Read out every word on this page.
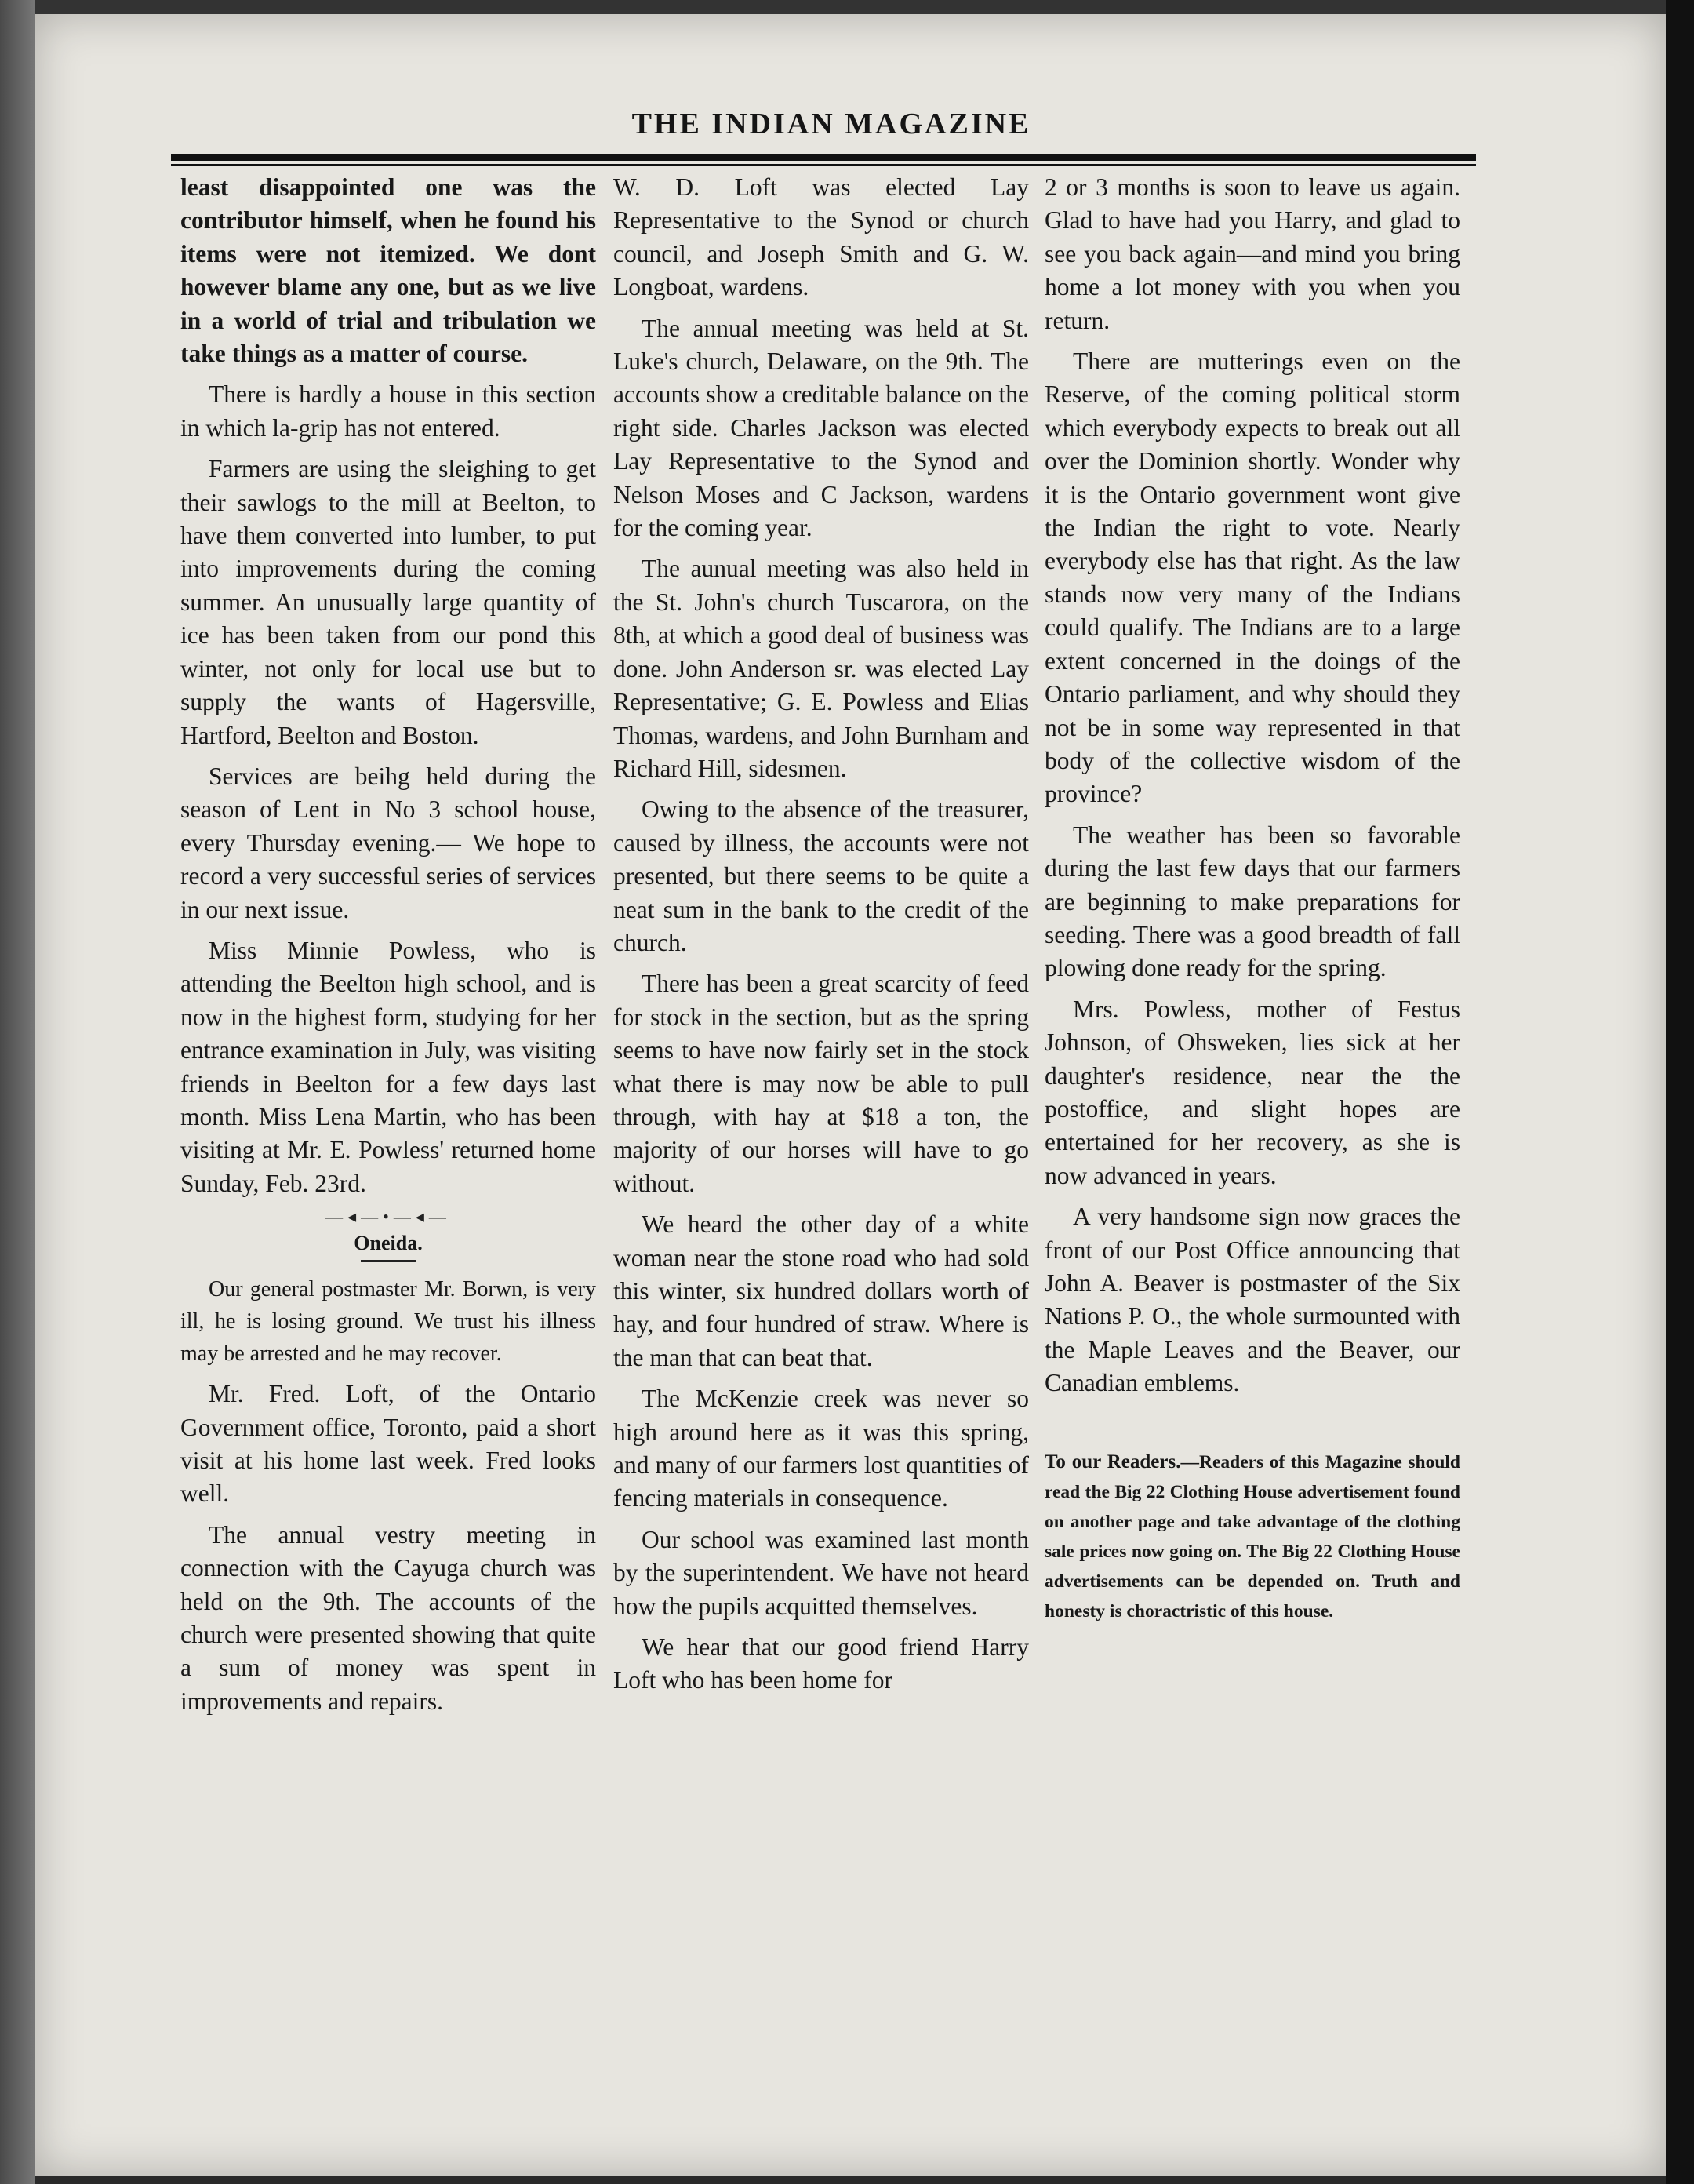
THE INDIAN MAGAZINE

least disappointed one was the contributor himself, when he found his items were not itemized. We dont however blame any one, but as we live in a world of trial and tribulation we take things as a matter of course.

There is hardly a house in this section in which la-grip has not entered.

Farmers are using the sleighing to get their sawlogs to the mill at Beelton, to have them converted into lumber, to put into improvements during the coming summer. An unusually large quantity of ice has been taken from our pond this winter, not only for local use but to supply the wants of Hagersville, Hartford, Beelton and Boston.

Services are beihg held during the season of Lent in No 3 school house, every Thursday evening.— We hope to record a very successful series of services in our next issue.

Miss Minnie Powless, who is attending the Beelton high school, and is now in the highest form, studying for her entrance examination in July, was visiting friends in Beelton for a few days last month. Miss Lena Martin, who has been visiting at Mr. E. Powless' returned home Sunday, Feb. 23rd.

—◂—•—◂—
Oneida.

Our general postmaster Mr. Borwn, is very ill, he is losing ground. We trust his illness may be arrested and he may recover.

Mr. Fred. Loft, of the Ontario Government office, Toronto, paid a short visit at his home last week. Fred looks well.

The annual vestry meeting in connection with the Cayuga church was held on the 9th. The accounts of the church were presented showing that quite a sum of money was spent in improvements and repairs.

W. D. Loft was elected Lay Representative to the Synod or church council, and Joseph Smith and G. W. Longboat, wardens.

The annual meeting was held at St. Luke's church, Delaware, on the 9th. The accounts show a creditable balance on the right side. Charles Jackson was elected Lay Representative to the Synod and Nelson Moses and C Jackson, wardens for the coming year.

The aunual meeting was also held in the St. John's church Tuscarora, on the 8th, at which a good deal of business was done. John Anderson sr. was elected Lay Representative; G. E. Powless and Elias Thomas, wardens, and John Burnham and Richard Hill, sidesmen.

Owing to the absence of the treasurer, caused by illness, the accounts were not presented, but there seems to be quite a neat sum in the bank to the credit of the church.

There has been a great scarcity of feed for stock in the section, but as the spring seems to have now fairly set in the stock what there is may now be able to pull through, with hay at $18 a ton, the majority of our horses will have to go without.

We heard the other day of a white woman near the stone road who had sold this winter, six hundred dollars worth of hay, and four hundred of straw. Where is the man that can beat that.

The McKenzie creek was never so high around here as it was this spring, and many of our farmers lost quantities of fencing materials in consequence.

Our school was examined last month by the superintendent. We have not heard how the pupils acquitted themselves.

We hear that our good friend Harry Loft who has been home for

2 or 3 months is soon to leave us again. Glad to have had you Harry, and glad to see you back again—and mind you bring home a lot money with you when you return.

There are mutterings even on the Reserve, of the coming political storm which everybody expects to break out all over the Dominion shortly. Wonder why it is the Ontario government wont give the Indian the right to vote. Nearly everybody else has that right. As the law stands now very many of the Indians could qualify. The Indians are to a large extent concerned in the doings of the Ontario parliament, and why should they not be in some way represented in that body of the collective wisdom of the province?

The weather has been so favorable during the last few days that our farmers are beginning to make preparations for seeding. There was a good breadth of fall plowing done ready for the spring.

Mrs. Powless, mother of Festus Johnson, of Ohsweken, lies sick at her daughter's residence, near the the postoffice, and slight hopes are entertained for her recovery, as she is now advanced in years.

A very handsome sign now graces the front of our Post Office announcing that John A. Beaver is postmaster of the Six Nations P. O., the whole surmounted with the Maple Leaves and the Beaver, our Canadian emblems.

To our Readers.—Readers of this Magazine should read the Big 22 Clothing House advertisement found on another page and take advantage of the clothing sale prices now going on. The Big 22 Clothing House advertisements can be depended on. Truth and honesty is choractristic of this house.
